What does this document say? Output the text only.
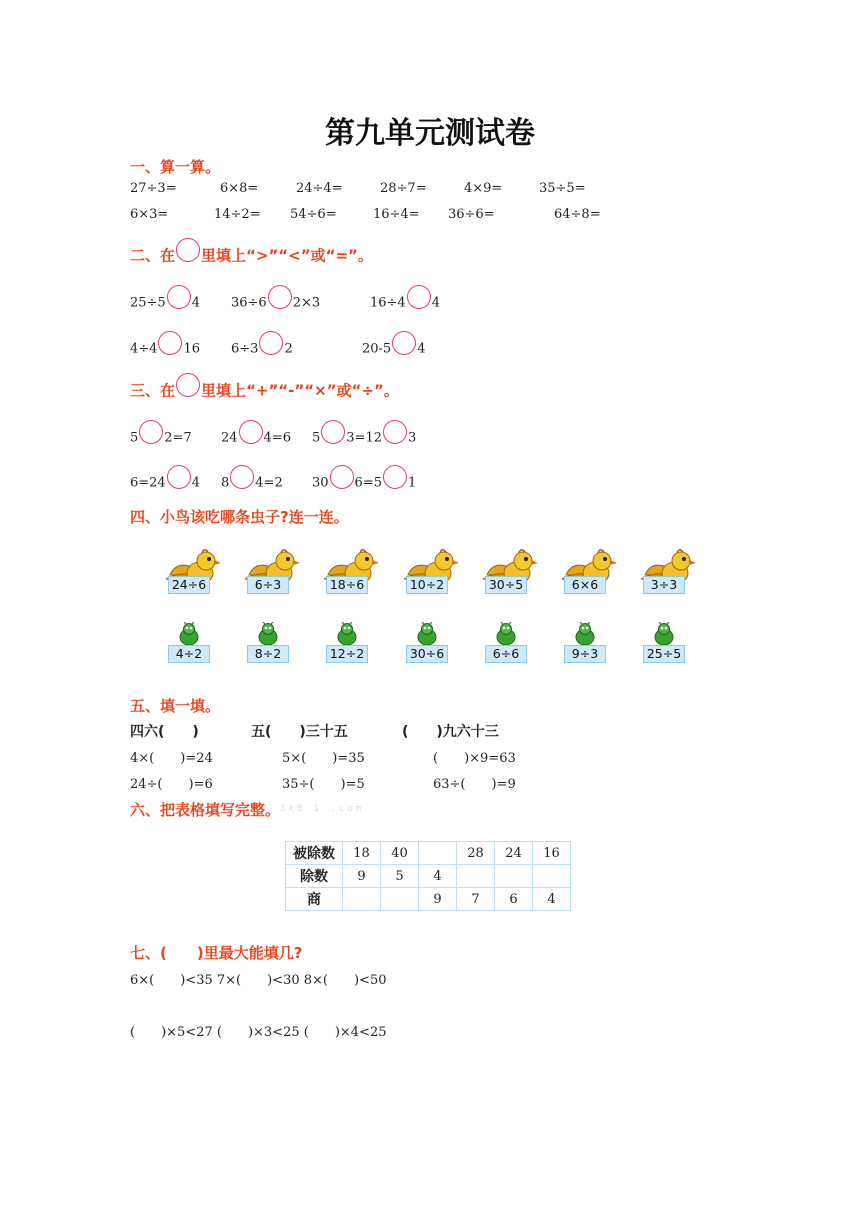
第九单元测试卷
一、算一算。
27÷3=	6×8=	24÷4=	28÷7=	4×9=	35÷5=
6×3=	14÷2= 54÷6=	16÷4= 36÷6=	64÷8=
二、在 里填上“>”“<”或“=”。
25÷5 4 36÷6 2×3	16÷4 4
4÷4 16 6÷3 2	20-5 4
三、在 里填上“+”“-”“×”或“÷”。
5 2=7 24 4=6 5 3=12 3
6=24 4 8 4=2 30 6=5 1
四、小鸟该吃哪条虫子?连一连。
24÷6	6÷3	18÷6	10÷2	30÷5	6×6	3÷3
4÷2	8÷2	12÷2	30÷6	6÷6	9÷3	25÷5
五、填一填。
四六(　　)	五(　　)三十五	(　　)九六十三
4×(　　)=24	5×(　　)=35	(　　)×9=63
24÷(　　)=6	35÷(　　)=5	63÷(　　)=9
六、把表格填写完整。 3k8 1 .com
被除数	18	40		28	24	16
除数	9	5	4			
商			9	7	6	4
七、(　　)里最大能填几?
6×(　　)<35 7×(　　)<30 8×(　　)<50
(　　)×5<27 (　　)×3<25 (　　)×4<25
